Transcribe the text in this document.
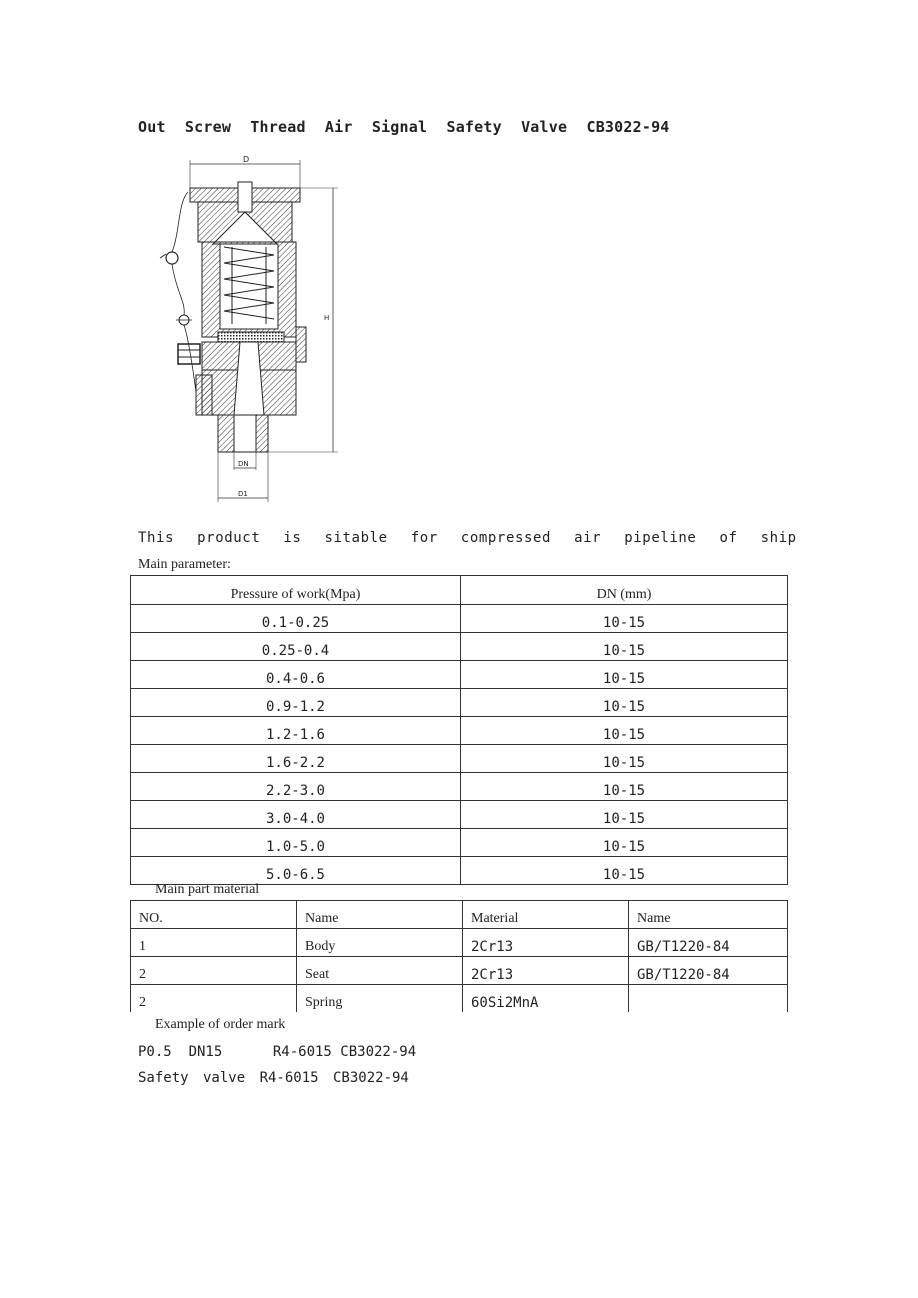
Out Screw Thread Air Signal Safety Valve CB3022-94
D
H
DN
D1
This product is sitable for compressed air pipeline of ship
Main parameter:
Pressure of work(Mpa)	DN (mm)
0.1-0.25	10-15
0.25-0.4	10-15
0.4-0.6	10-15
0.9-1.2	10-15
1.2-1.6	10-15
1.6-2.2	10-15
2.2-3.0	10-15
3.0-4.0	10-15
1.0-5.0	10-15
5.0-6.5	10-15
Main part material
NO.	Name	Material	Name
1	Body	2Cr13	GB/T1220-84
2	Seat	2Cr13	GB/T1220-84
2	Spring	60Si2MnA	
Example of order mark
P0.5  DN15      R4-6015 CB3022-94
Safety valve R4-6015 CB3022-94
